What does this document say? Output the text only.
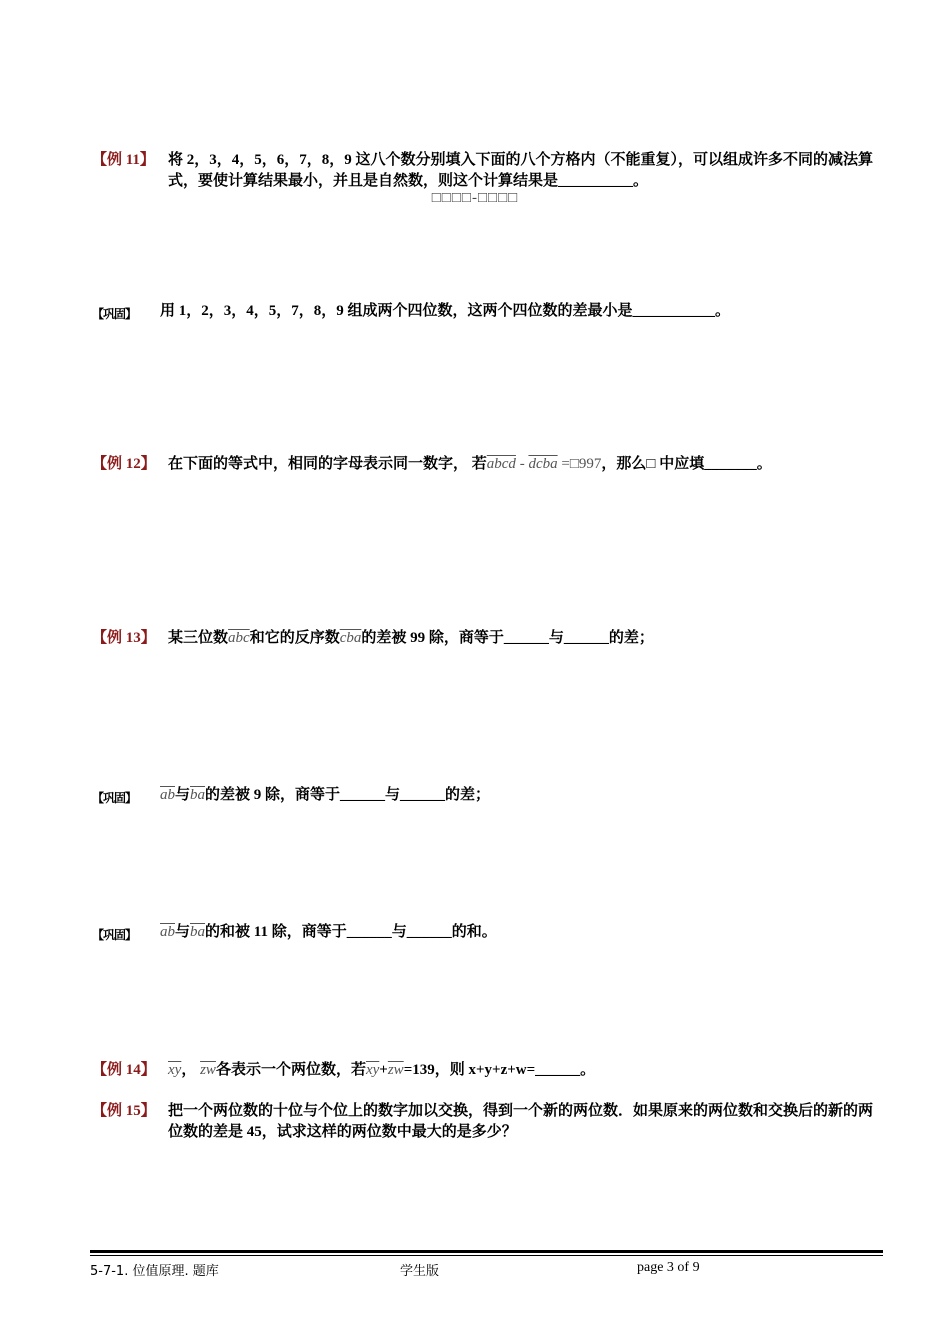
【例 11】 将 2，3，4，5，6，7，8，9 这八个数分别填入下面的八个方格内（不能重复），可以组成许多不同的减法算式，要使计算结果最小，并且是自然数，则这个计算结果是__________。
□□□□-□□□□
【巩固】 用 1，2，3，4，5，7，8，9 组成两个四位数，这两个四位数的差最小是___________。
【例 12】 在下面的等式中，相同的字母表示同一数字， 若abcd - dcba =□997，那么□ 中应填_______。
【例 13】 某三位数$\overline{abc}$和它的反序数$\overline{cba}$的差被 99 除，商等于______与______的差；
【巩固】 $\overline{ab}$与$\overline{ba}$的差被 9 除，商等于______与______的差；
【巩固】 $\overline{ab}$与$\overline{ba}$的和被 11 除，商等于______与______的和。
【例 14】 $\overline{xy}$， $\overline{zw}$各表示一个两位数，若$\overline{xy}+\overline{zw}=139$，则 x+y+z+w=______。
【例 15】 把一个两位数的十位与个位上的数字加以交换，得到一个新的两位数．如果原来的两位数和交换后的新的两位数的差是 45，试求这样的两位数中最大的是多少？
5-7-1. 位值原理. 题库	学生版	page 3 of 9
